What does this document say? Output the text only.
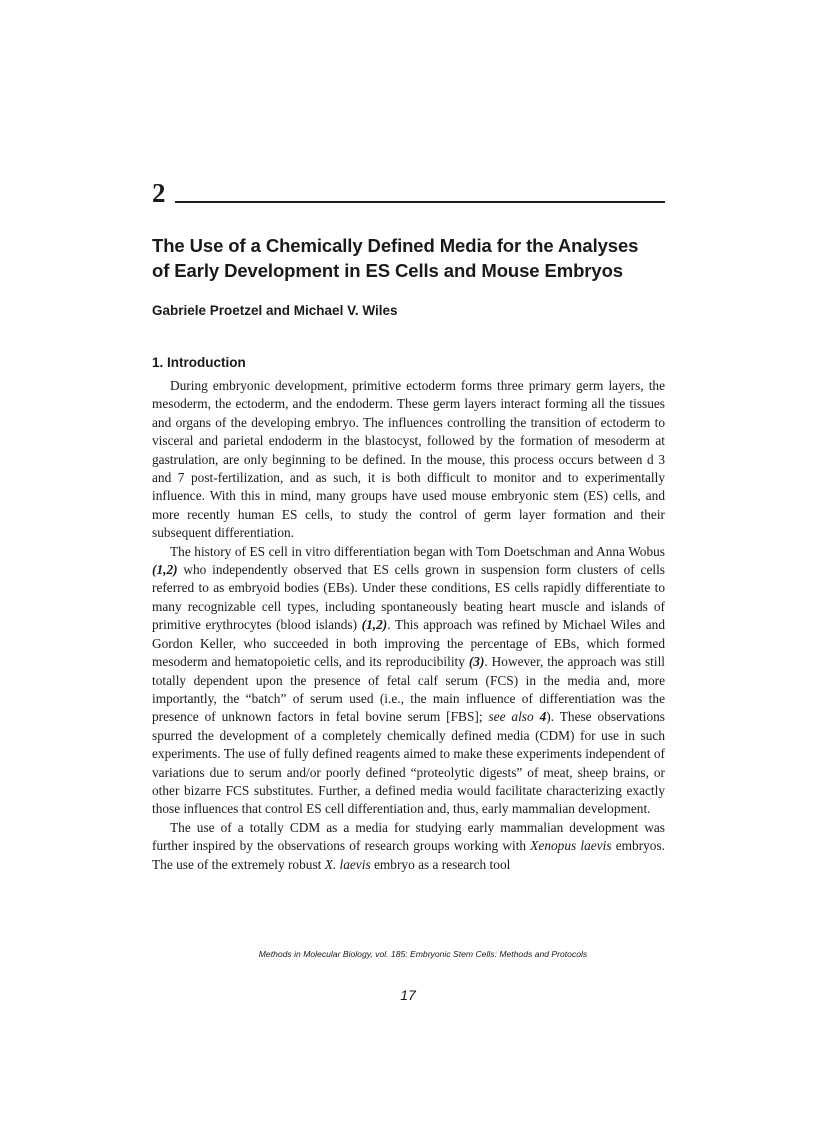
2
The Use of a Chemically Defined Media for the Analyses
of Early Development in ES Cells and Mouse Embryos

Gabriele Proetzel and Michael V. Wiles

1. Introduction

During embryonic development, primitive ectoderm forms three primary germ layers, the mesoderm, the ectoderm, and the endoderm. These germ layers interact forming all the tissues and organs of the developing embryo. The influences controlling the transition of ectoderm to visceral and parietal endoderm in the blastocyst, followed by the formation of mesoderm at gastrulation, are only beginning to be defined. In the mouse, this process occurs between d 3 and 7 post-fertilization, and as such, it is both difficult to monitor and to experimentally influence. With this in mind, many groups have used mouse embryonic stem (ES) cells, and more recently human ES cells, to study the control of germ layer formation and their subsequent differentiation.

The history of ES cell in vitro differentiation began with Tom Doetschman and Anna Wobus (1,2) who independently observed that ES cells grown in suspension form clusters of cells referred to as embryoid bodies (EBs). Under these conditions, ES cells rapidly differentiate to many recognizable cell types, including spontaneously beating heart muscle and islands of primitive erythrocytes (blood islands) (1,2). This approach was refined by Michael Wiles and Gordon Keller, who succeeded in both improving the percentage of EBs, which formed mesoderm and hematopoietic cells, and its reproducibility (3). However, the approach was still totally dependent upon the presence of fetal calf serum (FCS) in the media and, more importantly, the “batch” of serum used (i.e., the main influence of differentiation was the presence of unknown factors in fetal bovine serum [FBS]; see also 4). These observations spurred the development of a completely chemically defined media (CDM) for use in such experiments. The use of fully defined reagents aimed to make these experiments independent of variations due to serum and/or poorly defined “proteolytic digests” of meat, sheep brains, or other bizarre FCS substitutes. Further, a defined media would facilitate characterizing exactly those influences that control ES cell differentiation and, thus, early mammalian development.

The use of a totally CDM as a media for studying early mammalian development was further inspired by the observations of research groups working with Xenopus laevis embryos. The use of the extremely robust X. laevis embryo as a research tool

Methods in Molecular Biology, vol. 185: Embryonic Stem Cells: Methods and Protocols

17
